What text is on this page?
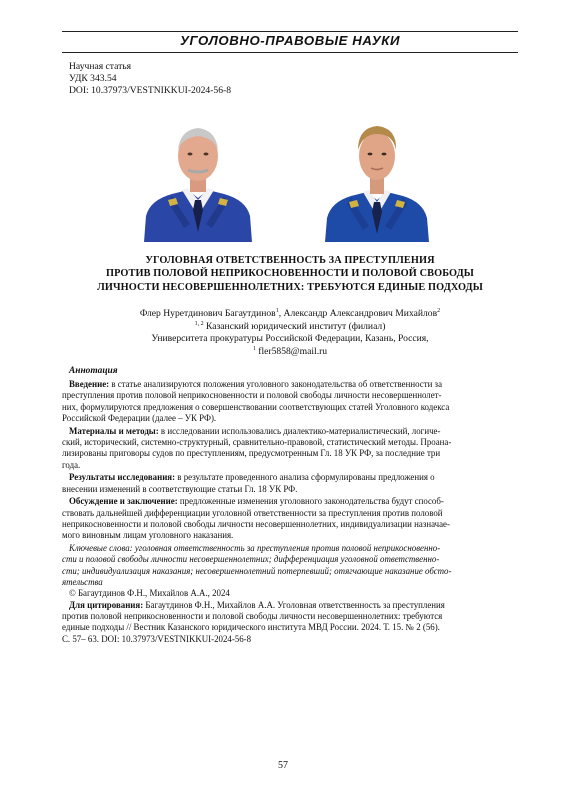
УГОЛОВНО-ПРАВОВЫЕ НАУКИ
Научная статья
УДК 343.54
DOI: 10.37973/VESTNIKKUI-2024-56-8
УГОЛОВНАЯ ОТВЕТСТВЕННОСТЬ ЗА ПРЕСТУПЛЕНИЯ
ПРОТИВ ПОЛОВОЙ НЕПРИКОСНОВЕННОСТИ И ПОЛОВОЙ СВОБОДЫ
ЛИЧНОСТИ НЕСОВЕРШЕННОЛЕТНИХ: ТРЕБУЮТСЯ ЕДИНЫЕ ПОДХОДЫ
Флер Нуретдинович Багаутдинов$^1$, Александр Александрович Михайлов$^2$
$^{1, 2}$ Казанский юридический институт (филиал)
Университета прокуратуры Российской Федерации, Казань, Россия,
$^1$ fler5858@mail.ru
Аннотация
Введение: в статье анализируются положения уголовного законодательства об ответственности за
преступления против половой неприкосновенности и половой свободы личности несовершеннолет-
них, формулируются предложения о совершенствовании соответствующих статей Уголовного кодекса
Российской Федерации (далее – УК РФ).
Материалы и методы: в исследовании использовались диалектико-материалистический, логиче-
ский, исторический, системно-структурный, сравнительно-правовой, статистический методы. Проана-
лизированы приговоры судов по преступлениям, предусмотренным Гл. 18 УК РФ, за последние три
года.
Результаты исследования: в результате проведенного анализа сформулированы предложения о
внесении изменений в соответствующие статьи Гл. 18 УК РФ.
Обсуждение и заключение: предложенные изменения уголовного законодательства будут способ-
ствовать дальнейшей дифференциации уголовной ответственности за преступления против половой
неприкосновенности и половой свободы личности несовершеннолетних, индивидуализации назначае-
мого виновным лицам уголовного наказания.
Ключевые слова: уголовная ответственность за преступления против половой неприкосновенно-
сти и половой свободы личности несовершеннолетних; дифференциация уголовной ответственно-
сти; индивидуализация наказания; несовершеннолетний потерпевший; отягчающие наказание обсто-
ятельства
© Багаутдинов Ф.Н., Михайлов А.А., 2024
Для цитирования: Багаутдинов Ф.Н., Михайлов А.А. Уголовная ответственность за преступления
против половой неприкосновенности и половой свободы личности несовершеннолетних: требуются
единые подходы // Вестник Казанского юридического института МВД России. 2024. Т. 15. № 2 (56).
С. 57– 63. DOI: 10.37973/VESTNIKKUI-2024-56-8
57
